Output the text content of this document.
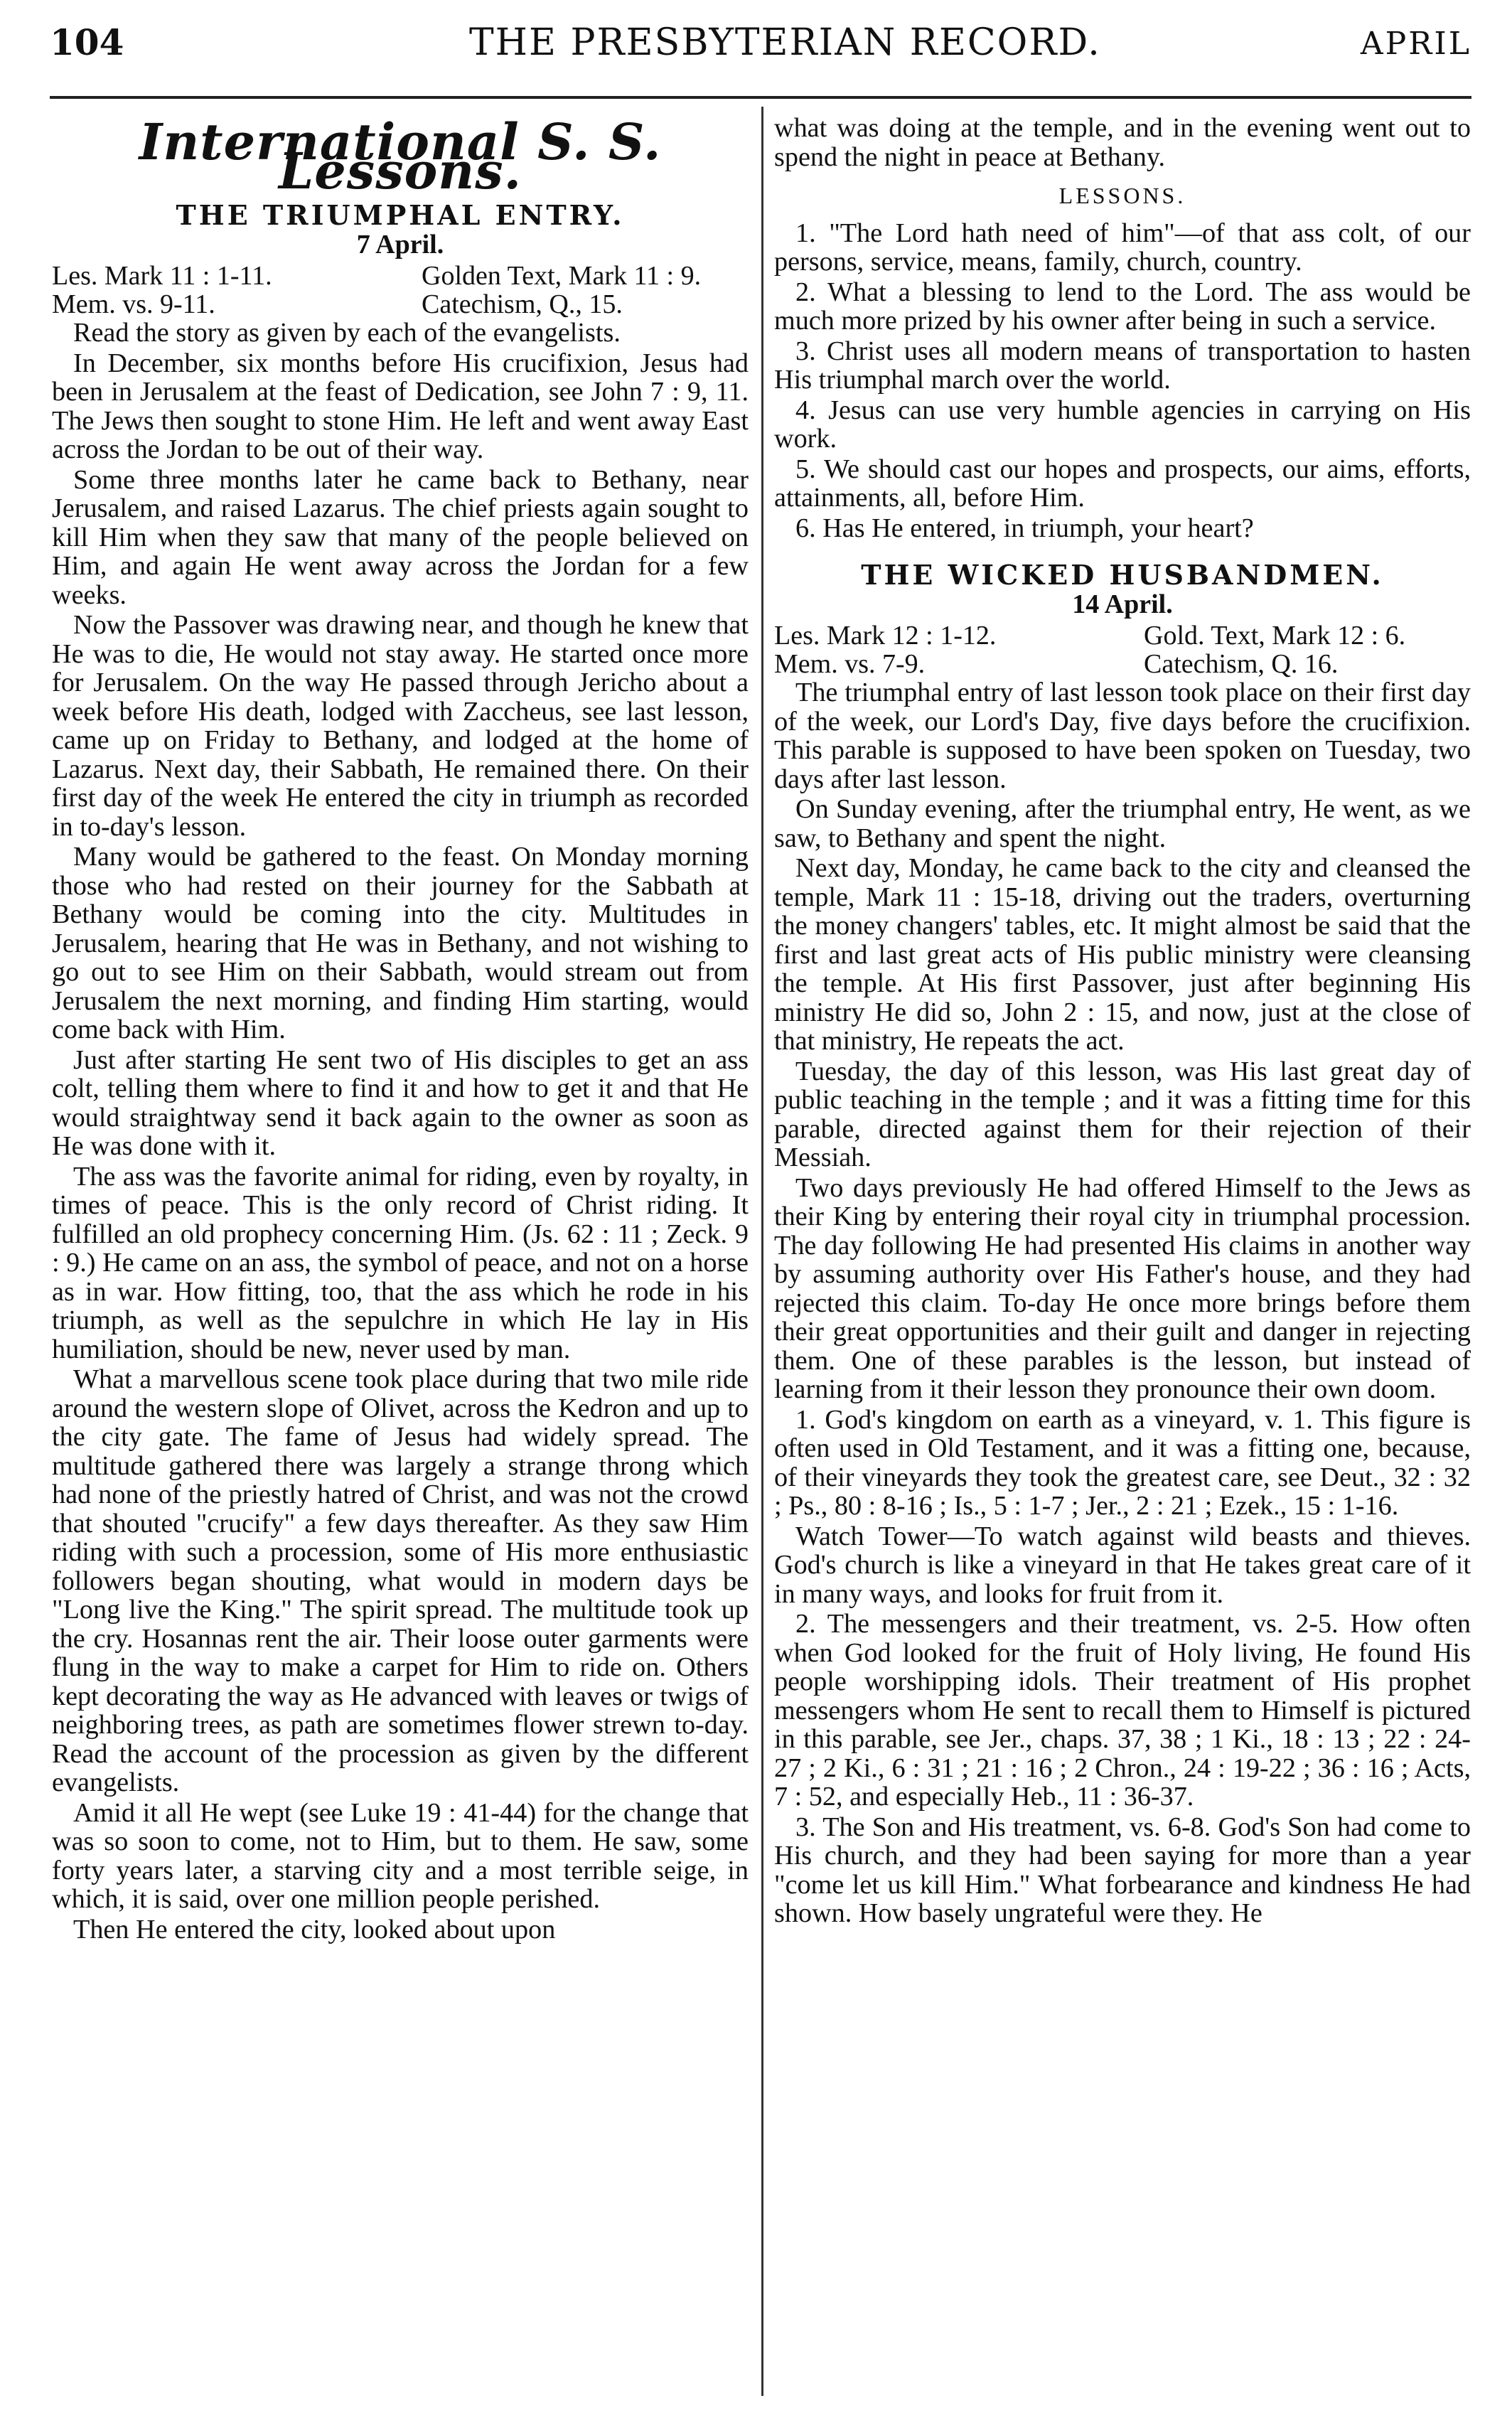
104	THE PRESBYTERIAN RECORD.	APRIL
International S. S. Lessons.
THE TRIUMPHAL ENTRY.
7 April.
Les. Mark 11 : 1-11.	Golden Text, Mark 11 : 9.
Mem. vs. 9-11.	Catechism, Q., 15.

Read the story as given by each of the evangelists.

In December, six months before His crucifixion, Jesus had been in Jerusalem at the feast of Dedication, see John 7 : 9, 11. The Jews then sought to stone Him. He left and went away East across the Jordan to be out of their way.

Some three months later he came back to Bethany, near Jerusalem, and raised Lazarus. The chief priests again sought to kill Him when they saw that many of the people believed on Him, and again He went away across the Jordan for a few weeks.

Now the Passover was drawing near, and though he knew that He was to die, He would not stay away. He started once more for Jerusalem. On the way He passed through Jericho about a week before His death, lodged with Zaccheus, see last lesson, came up on Friday to Bethany, and lodged at the home of Lazarus. Next day, their Sabbath, He remained there. On their first day of the week He entered the city in triumph as recorded in to-day's lesson.

Many would be gathered to the feast. On Monday morning those who had rested on their journey for the Sabbath at Bethany would be coming into the city. Multitudes in Jerusalem, hearing that He was in Bethany, and not wishing to go out to see Him on their Sabbath, would stream out from Jerusalem the next morning, and finding Him starting, would come back with Him.

Just after starting He sent two of His disciples to get an ass colt, telling them where to find it and how to get it and that He would straightway send it back again to the owner as soon as He was done with it.

The ass was the favorite animal for riding, even by royalty, in times of peace. This is the only record of Christ riding. It fulfilled an old prophecy concerning Him. (Js. 62 : 11 ; Zeck. 9 : 9.) He came on an ass, the symbol of peace, and not on a horse as in war. How fitting, too, that the ass which he rode in his triumph, as well as the sepulchre in which He lay in His humiliation, should be new, never used by man.

What a marvellous scene took place during that two mile ride around the western slope of Olivet, across the Kedron and up to the city gate. The fame of Jesus had widely spread. The multitude gathered there was largely a strange throng which had none of the priestly hatred of Christ, and was not the crowd that shouted "crucify" a few days thereafter. As they saw Him riding with such a procession, some of His more enthusiastic followers began shouting, what would in modern days be "Long live the King." The spirit spread. The multitude took up the cry. Hosannas rent the air. Their loose outer garments were flung in the way to make a carpet for Him to ride on. Others kept decorating the way as He advanced with leaves or twigs of neighboring trees, as path are sometimes flower strewn to-day. Read the account of the procession as given by the different evangelists.

Amid it all He wept (see Luke 19 : 41-44) for the change that was so soon to come, not to Him, but to them. He saw, some forty years later, a starving city and a most terrible seige, in which, it is said, over one million people perished.

Then He entered the city, looked about upon

what was doing at the temple, and in the evening went out to spend the night in peace at Bethany.

LESSONS.

1. "The Lord hath need of him"—of that ass colt, of our persons, service, means, family, church, country.

2. What a blessing to lend to the Lord. The ass would be much more prized by his owner after being in such a service.

3. Christ uses all modern means of transportation to hasten His triumphal march over the world.

4. Jesus can use very humble agencies in carrying on His work.

5. We should cast our hopes and prospects, our aims, efforts, attainments, all, before Him.

6. Has He entered, in triumph, your heart?

THE WICKED HUSBANDMEN.
14 April.
Les. Mark 12 : 1-12.	Gold. Text, Mark 12 : 6.
Mem. vs. 7-9.	Catechism, Q. 16.

The triumphal entry of last lesson took place on their first day of the week, our Lord's Day, five days before the crucifixion. This parable is supposed to have been spoken on Tuesday, two days after last lesson.

On Sunday evening, after the triumphal entry, He went, as we saw, to Bethany and spent the night.

Next day, Monday, he came back to the city and cleansed the temple, Mark 11 : 15-18, driving out the traders, overturning the money changers' tables, etc. It might almost be said that the first and last great acts of His public ministry were cleansing the temple. At His first Passover, just after beginning His ministry He did so, John 2 : 15, and now, just at the close of that ministry, He repeats the act.

Tuesday, the day of this lesson, was His last great day of public teaching in the temple ; and it was a fitting time for this parable, directed against them for their rejection of their Messiah.

Two days previously He had offered Himself to the Jews as their King by entering their royal city in triumphal procession. The day following He had presented His claims in another way by assuming authority over His Father's house, and they had rejected this claim. To-day He once more brings before them their great opportunities and their guilt and danger in rejecting them. One of these parables is the lesson, but instead of learning from it their lesson they pronounce their own doom.

1. God's kingdom on earth as a vineyard, v. 1. This figure is often used in Old Testament, and it was a fitting one, because, of their vineyards they took the greatest care, see Deut., 32 : 32 ; Ps., 80 : 8-16 ; Is., 5 : 1-7 ; Jer., 2 : 21 ; Ezek., 15 : 1-16.

Watch Tower—To watch against wild beasts and thieves. God's church is like a vineyard in that He takes great care of it in many ways, and looks for fruit from it.

2. The messengers and their treatment, vs. 2-5. How often when God looked for the fruit of Holy living, He found His people worshipping idols. Their treatment of His prophet messengers whom He sent to recall them to Himself is pictured in this parable, see Jer., chaps. 37, 38 ; 1 Ki., 18 : 13 ; 22 : 24-27 ; 2 Ki., 6 : 31 ; 21 : 16 ; 2 Chron., 24 : 19-22 ; 36 : 16 ; Acts, 7 : 52, and especially Heb., 11 : 36-37.

3. The Son and His treatment, vs. 6-8. God's Son had come to His church, and they had been saying for more than a year "come let us kill Him." What forbearance and kindness He had shown. How basely ungrateful were they. He
